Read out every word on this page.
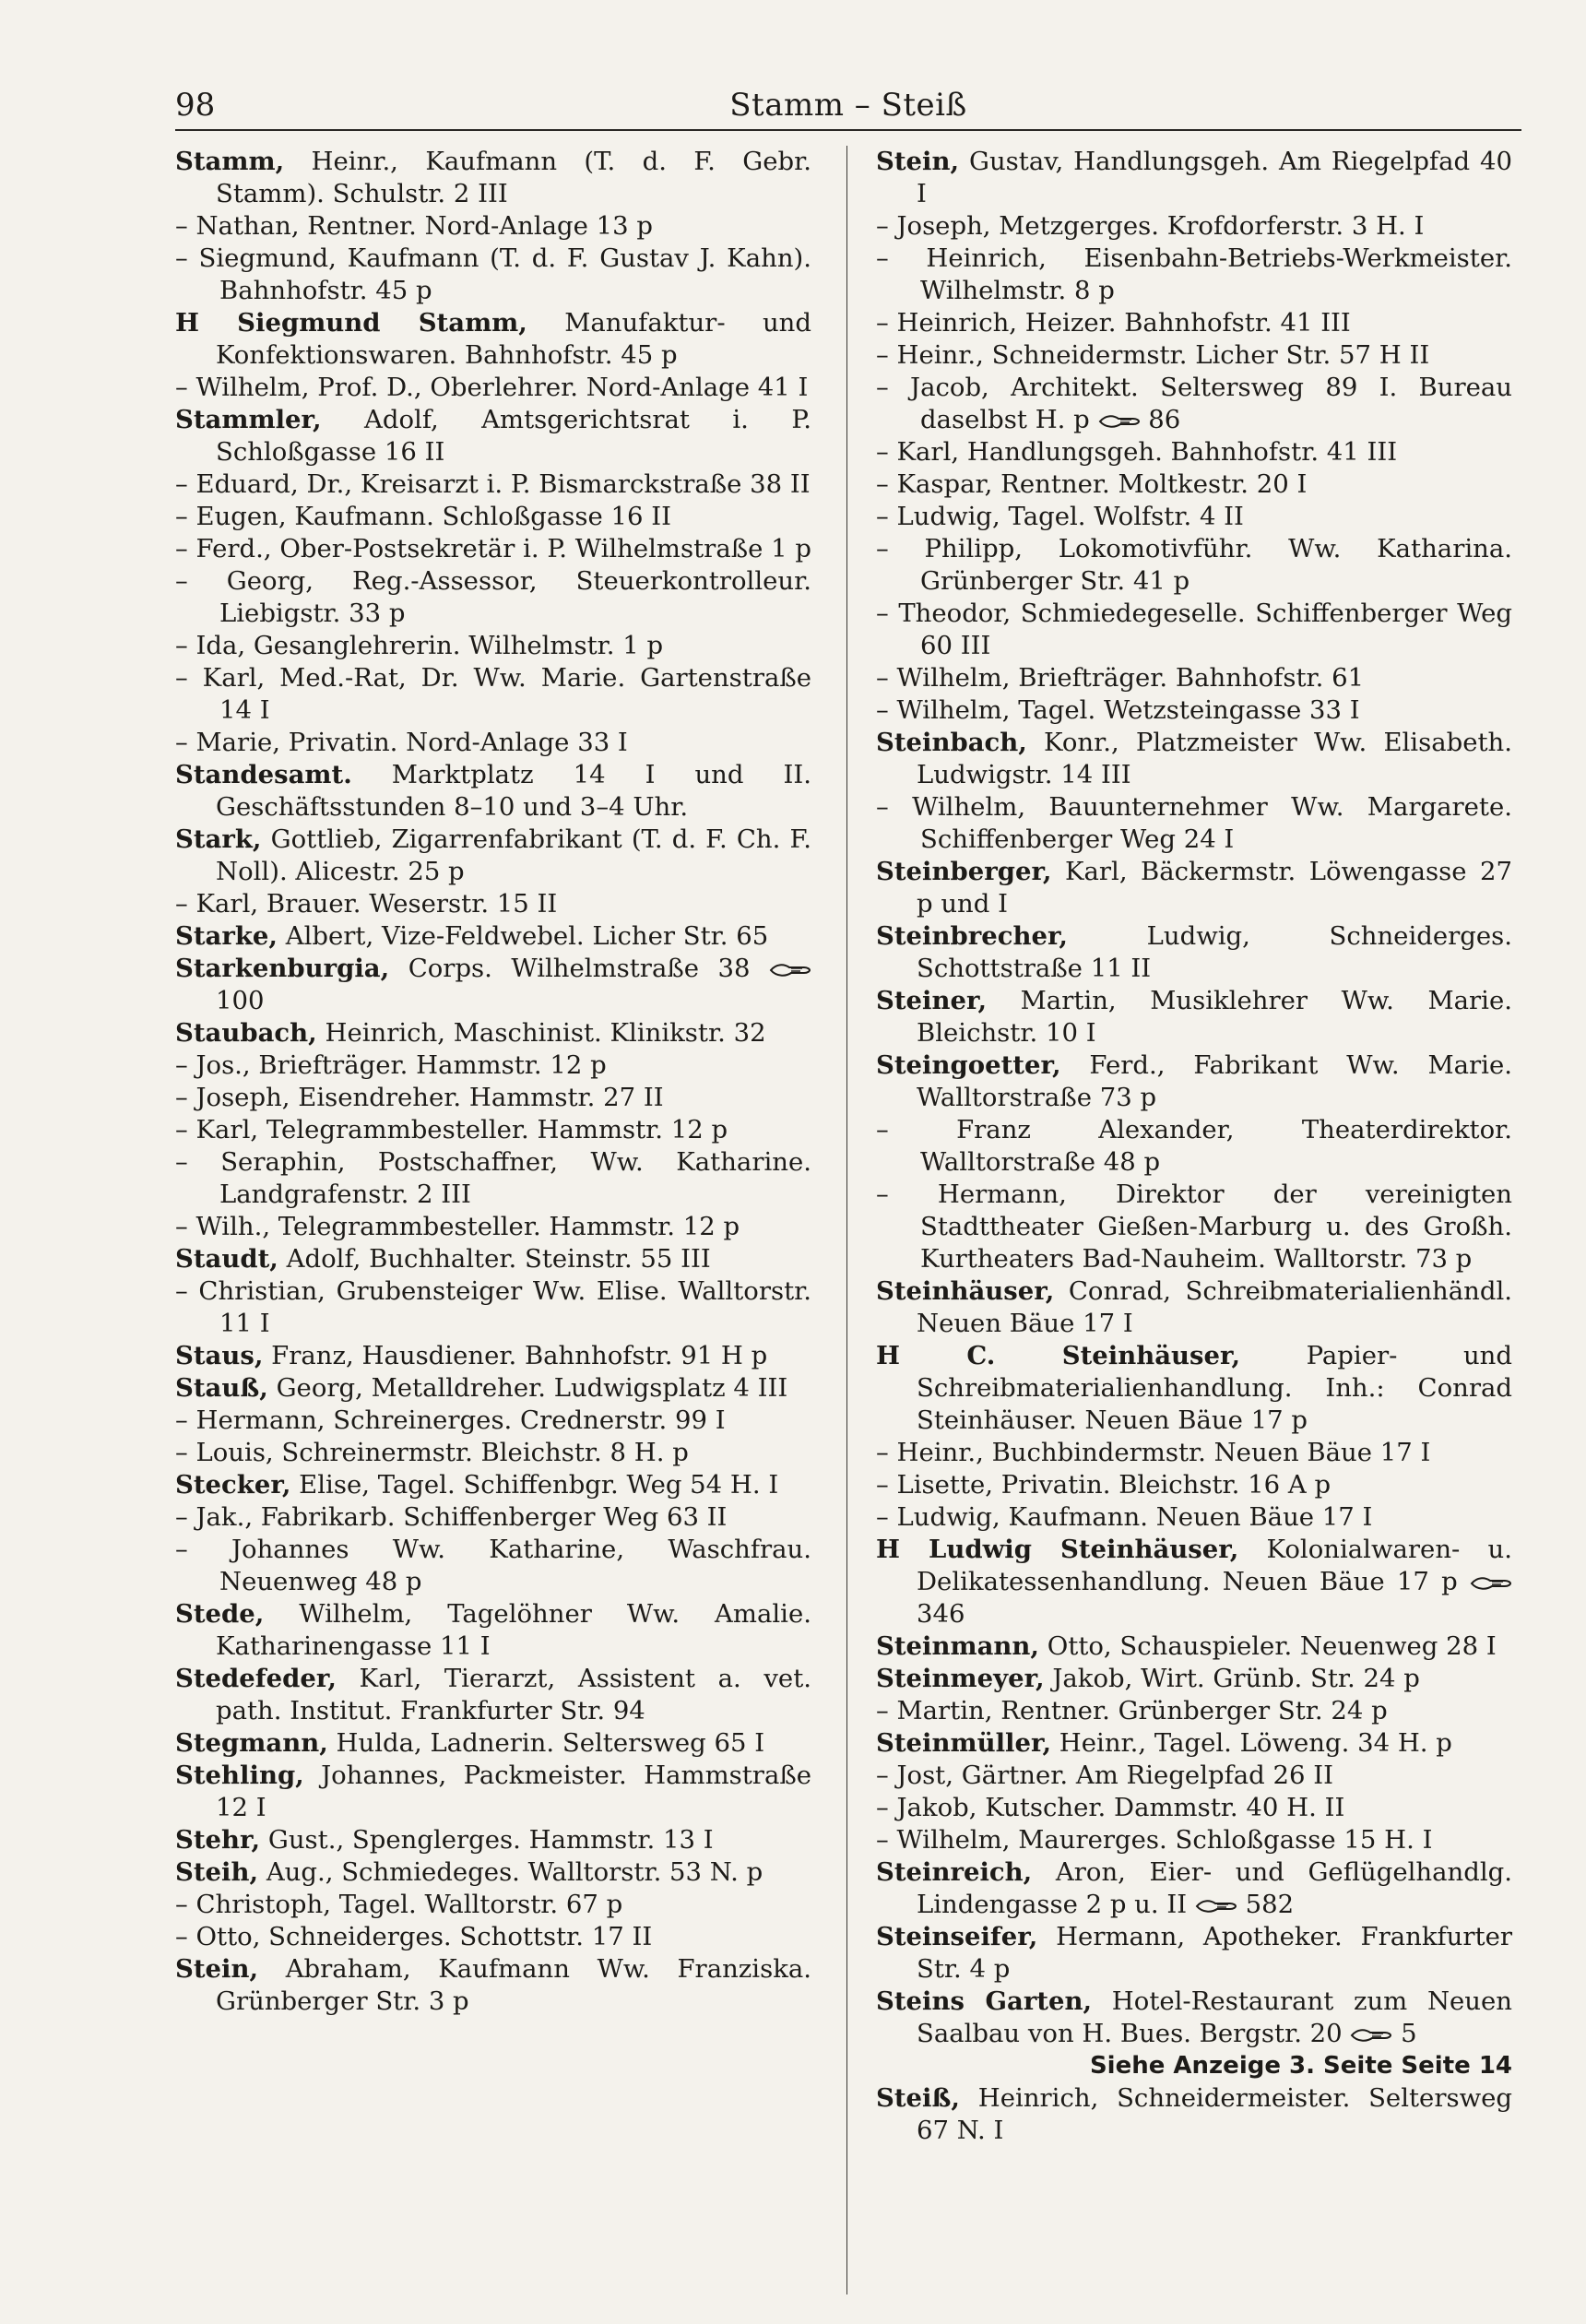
98	Stamm – Steiß
Stamm, Heinr., Kaufmann (T. d. F. Gebr. Stamm). Schulstr. 2 III
– Nathan, Rentner. Nord-Anlage 13 p
– Siegmund, Kaufmann (T. d. F. Gustav J. Kahn). Bahnhofstr. 45 p
H Siegmund Stamm, Manufaktur- und Konfektionswaren. Bahnhofstr. 45 p
– Wilhelm, Prof. D., Oberlehrer. Nord-Anlage 41 I
Stammler, Adolf, Amtsgerichtsrat i. P. Schloßgasse 16 II
– Eduard, Dr., Kreisarzt i. P. Bismarckstraße 38 II
– Eugen, Kaufmann. Schloßgasse 16 II
– Ferd., Ober-Postsekretär i. P. Wilhelmstraße 1 p
– Georg, Reg.-Assessor, Steuerkontrolleur. Liebigstr. 33 p
– Ida, Gesanglehrerin. Wilhelmstr. 1 p
– Karl, Med.-Rat, Dr. Ww. Marie. Gartenstraße 14 I
– Marie, Privatin. Nord-Anlage 33 I
Standesamt. Marktplatz 14 I und II. Geschäftsstunden 8–10 und 3–4 Uhr.
Stark, Gottlieb, Zigarrenfabrikant (T. d. F. Ch. F. Noll). Alicestr. 25 p
– Karl, Brauer. Weserstr. 15 II
Starke, Albert, Vize-Feldwebel. Licher Str. 65
Starkenburgia, Corps. Wilhelmstraße 38
100
Staubach, Heinrich, Maschinist. Klinikstr. 32
– Jos., Briefträger. Hammstr. 12 p
– Joseph, Eisendreher. Hammstr. 27 II
– Karl, Telegrammbesteller. Hammstr. 12 p
– Seraphin, Postschaffner, Ww. Katharine. Landgrafenstr. 2 III
– Wilh., Telegrammbesteller. Hammstr. 12 p
Staudt, Adolf, Buchhalter. Steinstr. 55 III
– Christian, Grubensteiger Ww. Elise. Walltorstr. 11 I
Staus, Franz, Hausdiener. Bahnhofstr. 91 H p
Stauß, Georg, Metalldreher. Ludwigsplatz 4 III
– Hermann, Schreinerges. Crednerstr. 99 I
– Louis, Schreinermstr. Bleichstr. 8 H. p
Stecker, Elise, Tagel. Schiffenbgr. Weg 54 H. I
– Jak., Fabrikarb. Schiffenberger Weg 63 II
– Johannes Ww. Katharine, Waschfrau. Neuenweg 48 p
Stede, Wilhelm, Tagelöhner Ww. Amalie. Katharinengasse 11 I
Stedefeder, Karl, Tierarzt, Assistent a. vet. path. Institut. Frankfurter Str. 94
Stegmann, Hulda, Ladnerin. Seltersweg 65 I
Stehling, Johannes, Packmeister. Hammstraße 12 I
Stehr, Gust., Spenglerges. Hammstr. 13 I
Steih, Aug., Schmiedeges. Walltorstr. 53 N. p
– Christoph, Tagel. Walltorstr. 67 p
– Otto, Schneiderges. Schottstr. 17 II
Stein, Abraham, Kaufmann Ww. Franziska. Grünberger Str. 3 p
Stein, Gustav, Handlungsgeh. Am Riegelpfad 40 I
– Joseph, Metzgerges. Krofdorferstr. 3 H. I
– Heinrich, Eisenbahn-Betriebs-Werkmeister. Wilhelmstr. 8 p
– Heinrich, Heizer. Bahnhofstr. 41 III
– Heinr., Schneidermstr. Licher Str. 57 H II
– Jacob, Architekt. Seltersweg 89 I. Bureau daselbst H. p
86
– Karl, Handlungsgeh. Bahnhofstr. 41 III
– Kaspar, Rentner. Moltkestr. 20 I
– Ludwig, Tagel. Wolfstr. 4 II
– Philipp, Lokomotivführ. Ww. Katharina. Grünberger Str. 41 p
– Theodor, Schmiedegeselle. Schiffenberger Weg 60 III
– Wilhelm, Briefträger. Bahnhofstr. 61
– Wilhelm, Tagel. Wetzsteingasse 33 I
Steinbach, Konr., Platzmeister Ww. Elisabeth. Ludwigstr. 14 III
– Wilhelm, Bauunternehmer Ww. Margarete. Schiffenberger Weg 24 I
Steinberger, Karl, Bäckermstr. Löwengasse 27 p und I
Steinbrecher, Ludwig, Schneiderges. Schottstraße 11 II
Steiner, Martin, Musiklehrer Ww. Marie. Bleichstr. 10 I
Steingoetter, Ferd., Fabrikant Ww. Marie. Walltorstraße 73 p
– Franz Alexander, Theaterdirektor. Walltorstraße 48 p
– Hermann, Direktor der vereinigten Stadttheater Gießen-Marburg u. des Großh. Kurtheaters Bad-Nauheim. Walltorstr. 73 p
Steinhäuser, Conrad, Schreibmaterialienhändl. Neuen Bäue 17 I
H C. Steinhäuser, Papier- und Schreibmaterialienhandlung. Inh.: Conrad Steinhäuser. Neuen Bäue 17 p
– Heinr., Buchbindermstr. Neuen Bäue 17 I
– Lisette, Privatin. Bleichstr. 16 A p
– Ludwig, Kaufmann. Neuen Bäue 17 I
H Ludwig Steinhäuser, Kolonialwaren- u. Delikatessenhandlung. Neuen Bäue 17 p
346
Steinmann, Otto, Schauspieler. Neuenweg 28 I
Steinmeyer, Jakob, Wirt. Grünb. Str. 24 p
– Martin, Rentner. Grünberger Str. 24 p
Steinmüller, Heinr., Tagel. Löweng. 34 H. p
– Jost, Gärtner. Am Riegelpfad 26 II
– Jakob, Kutscher. Dammstr. 40 H. II
– Wilhelm, Maurerges. Schloßgasse 15 H. I
Steinreich, Aron, Eier- und Geflügelhandlg. Lindengasse 2 p u. II
582
Steinseifer, Hermann, Apotheker. Frankfurter Str. 4 p
Steins Garten, Hotel-Restaurant zum Neuen Saalbau von H. Bues. Bergstr. 20
5
Siehe Anzeige 3. Seite Seite 14
Steiß, Heinrich, Schneidermeister. Seltersweg 67 N. I
